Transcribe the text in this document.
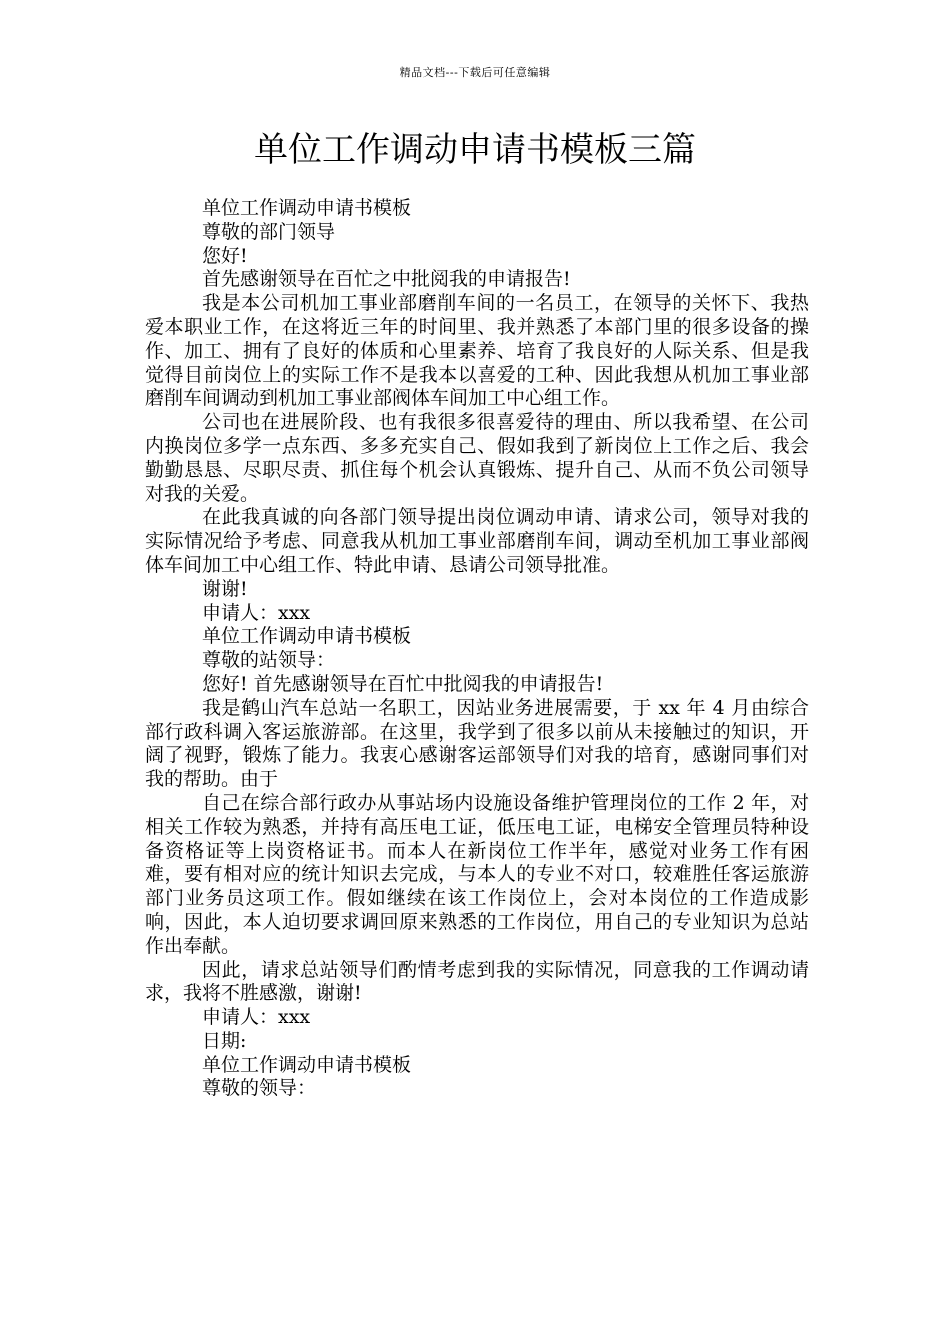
精品文档---下载后可任意编辑
单位工作调动申请书模板三篇

单位工作调动申请书模板

尊敬的部门领导

您好!

首先感谢领导在百忙之中批阅我的申请报告!

我是本公司机加工事业部磨削车间的一名员工，在领导的关怀下、我热爱本职业工作，在这将近三年的时间里、我并熟悉了本部门里的很多设备的操作、加工、拥有了良好的体质和心里素养、培育了我良好的人际关系、但是我觉得目前岗位上的实际工作不是我本以喜爱的工种、因此我想从机加工事业部磨削车间调动到机加工事业部阀体车间加工中心组工作。

公司也在进展阶段、也有我很多很喜爱待的理由、所以我希望、在公司内换岗位多学一点东西、多多充实自己、假如我到了新岗位上工作之后、我会勤勤恳恳、尽职尽责、抓住每个机会认真锻炼、提升自己、从而不负公司领导对我的关爱。

在此我真诚的向各部门领导提出岗位调动申请、请求公司，领导对我的实际情况给予考虑、同意我从机加工事业部磨削车间，调动至机加工事业部阀体车间加工中心组工作、特此申请、恳请公司领导批准。

谢谢!

申请人：xxx

单位工作调动申请书模板

尊敬的站领导：

您好! 首先感谢领导在百忙中批阅我的申请报告!

我是鹤山汽车总站一名职工，因站业务进展需要，于 xx 年 4 月由综合部行政科调入客运旅游部。在这里，我学到了很多以前从未接触过的知识，开阔了视野，锻炼了能力。我衷心感谢客运部领导们对我的培育，感谢同事们对我的帮助。由于

自己在综合部行政办从事站场内设施设备维护管理岗位的工作 2 年，对相关工作较为熟悉，并持有高压电工证，低压电工证，电梯安全管理员特种设备资格证等上岗资格证书。而本人在新岗位工作半年，感觉对业务工作有困难，要有相对应的统计知识去完成，与本人的专业不对口，较难胜任客运旅游部门业务员这项工作。假如继续在该工作岗位上，会对本岗位的工作造成影响，因此，本人迫切要求调回原来熟悉的工作岗位，用自己的专业知识为总站作出奉献。

因此，请求总站领导们酌情考虑到我的实际情况，同意我的工作调动请求，我将不胜感激，谢谢!

申请人：xxx

日期:

单位工作调动申请书模板

尊敬的领导：
